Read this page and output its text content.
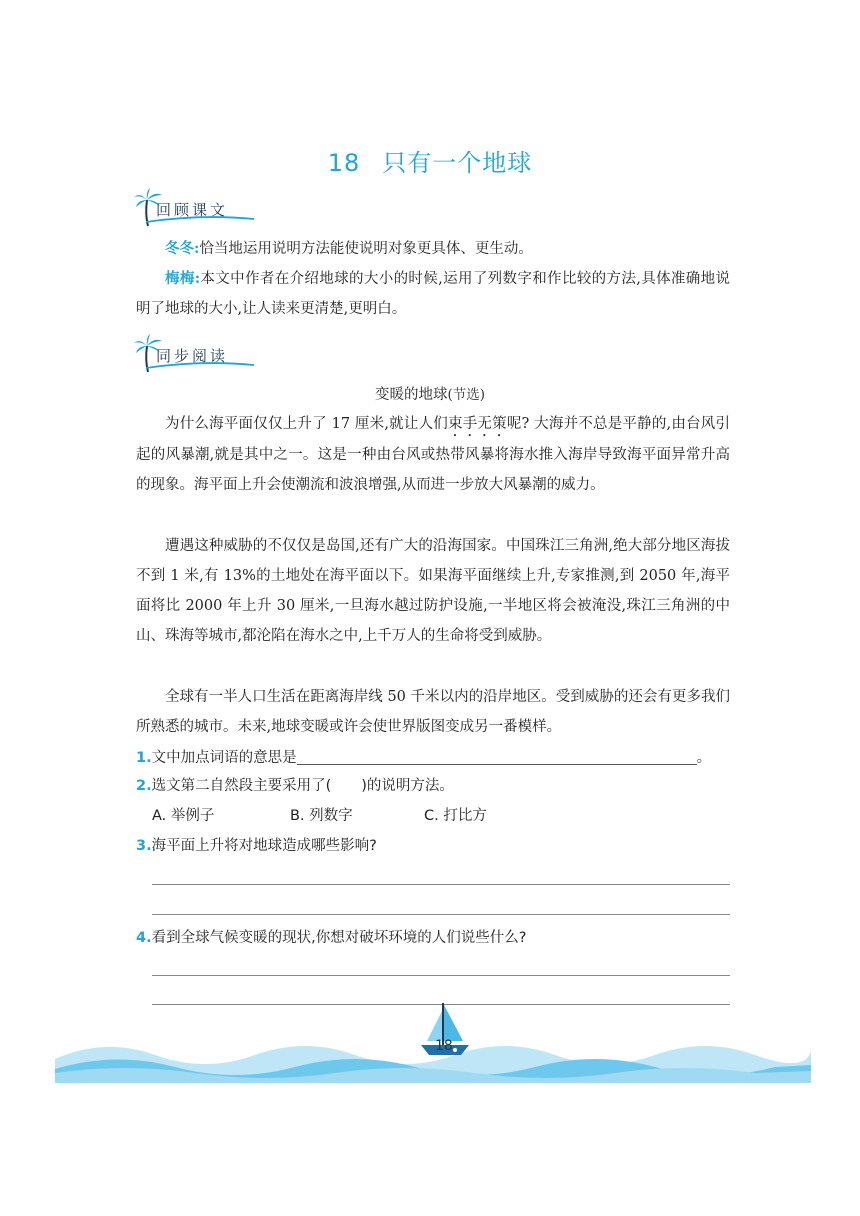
18 只有一个地球
回顾课文

冬冬:恰当地运用说明方法能使说明对象更具体、更生动。

梅梅:本文中作者在介绍地球的大小的时候,运用了列数字和作比较的方法,具体准确地说明了地球的大小,让人读来更清楚,更明白。

同步阅读
变暖的地球(节选)

为什么海平面仅仅上升了 17 厘米,就让人们束手无策呢? 大海并不总是平静的,由台风引起的风暴潮,就是其中之一。这是一种由台风或热带风暴将海水推入海岸导致海平面异常升高的现象。海平面上升会使潮流和波浪增强,从而进一步放大风暴潮的威力。

遭遇这种威胁的不仅仅是岛国,还有广大的沿海国家。中国珠江三角洲,绝大部分地区海拔不到 1 米,有 13%的土地处在海平面以下。如果海平面继续上升,专家推测,到 2050 年,海平面将比 2000 年上升 30 厘米,一旦海水越过防护设施,一半地区将会被淹没,珠江三角洲的中山、珠海等城市,都沦陷在海水之中,上千万人的生命将受到威胁。

全球有一半人口生活在距离海岸线 50 千米以内的沿岸地区。受到威胁的还会有更多我们所熟悉的城市。未来,地球变暖或许会使世界版图变成另一番模样。

1.文中加点词语的意思是	。
2.选文第二自然段主要采用了( )的说明方法。
A. 举例子	B. 列数字	C. 打比方
3.海平面上升将对地球造成哪些影响?
4.看到全球气候变暖的现状,你想对破坏环境的人们说些什么?
18
